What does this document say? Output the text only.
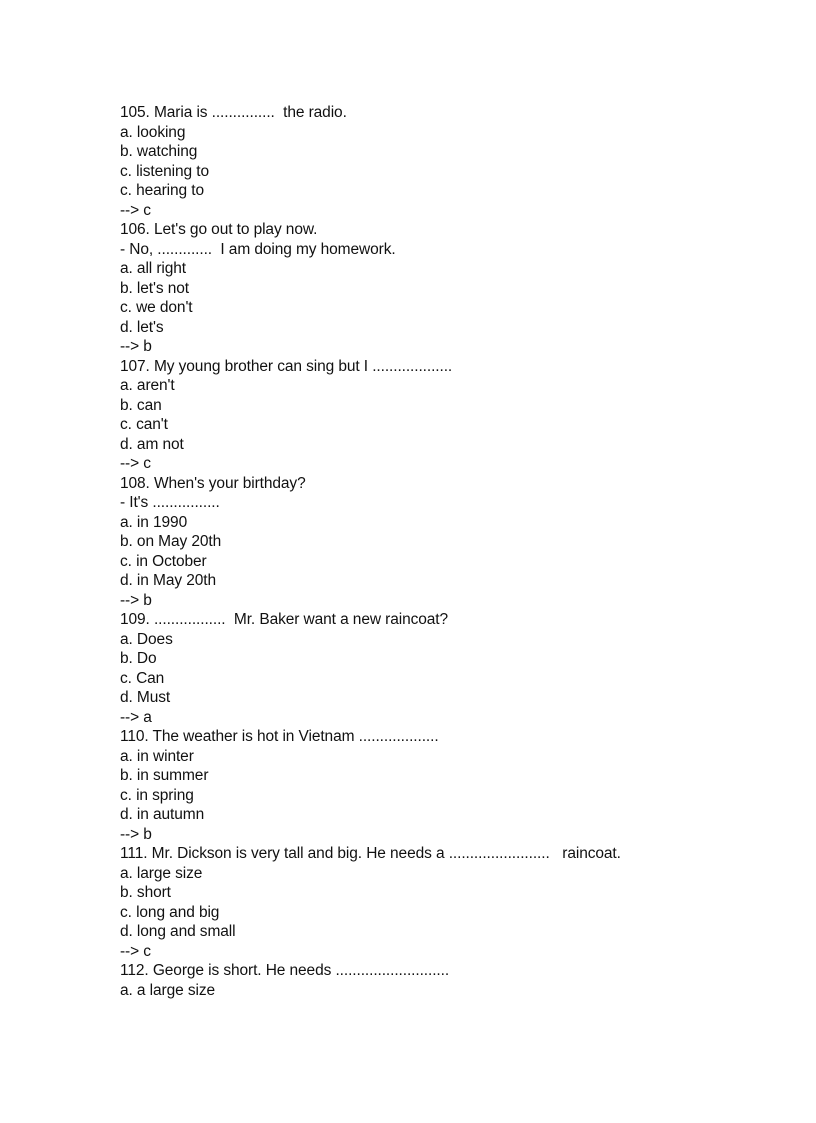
105. Maria is ...............  the radio.
a. looking
b. watching
c. listening to
c. hearing to
--> c
106. Let's go out to play now.
- No, .............  I am doing my homework.
a. all right
b. let's not
c. we don't
d. let's
--> b
107. My young brother can sing but I ...................
a. aren't
b. can
c. can't
d. am not
--> c
108. When's your birthday?
- It's ................
a. in 1990
b. on May 20th
c. in October
d. in May 20th
--> b
109. .................  Mr. Baker want a new raincoat?
a. Does
b. Do
c. Can
d. Must
--> a
110. The weather is hot in Vietnam ...................
a. in winter
b. in summer
c. in spring
d. in autumn
--> b
111. Mr. Dickson is very tall and big. He needs a ........................   raincoat.
a. large size
b. short
c. long and big
d. long and small
--> c
112. George is short. He needs ...........................
a. a large size
